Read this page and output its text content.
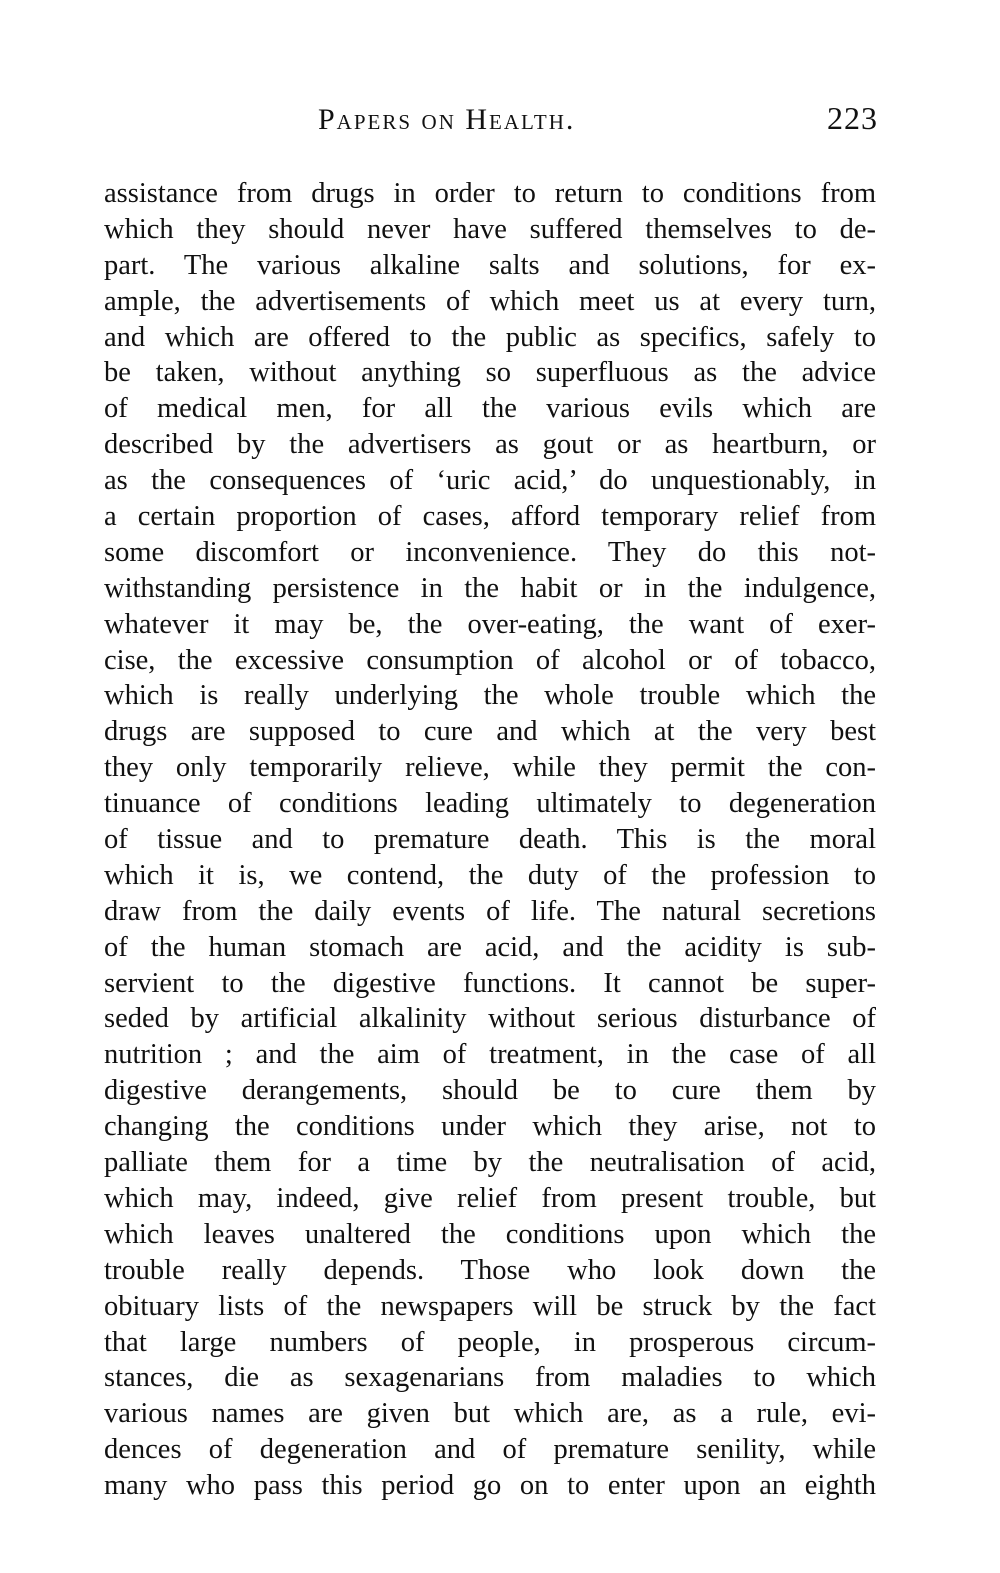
Papers on Health.	223
assistance from drugs in order to return to conditions from
which they should never have suffered themselves to de-
part. The various alkaline salts and solutions, for ex-
ample, the advertisements of which meet us at every turn,
and which are offered to the public as specifics, safely to
be taken, without anything so superfluous as the advice
of medical men, for all the various evils which are
described by the advertisers as gout or as heartburn, or
as the consequences of ‘uric acid,’ do unquestionably, in
a certain proportion of cases, afford temporary relief from
some discomfort or inconvenience. They do this not-
withstanding persistence in the habit or in the indulgence,
whatever it may be, the over-eating, the want of exer-
cise, the excessive consumption of alcohol or of tobacco,
which is really underlying the whole trouble which the
drugs are supposed to cure and which at the very best
they only temporarily relieve, while they permit the con-
tinuance of conditions leading ultimately to degeneration
of tissue and to premature death. This is the moral
which it is, we contend, the duty of the profession to
draw from the daily events of life. The natural secretions
of the human stomach are acid, and the acidity is sub-
servient to the digestive functions. It cannot be super-
seded by artificial alkalinity without serious disturbance of
nutrition ; and the aim of treatment, in the case of all
digestive derangements, should be to cure them by
changing the conditions under which they arise, not to
palliate them for a time by the neutralisation of acid,
which may, indeed, give relief from present trouble, but
which leaves unaltered the conditions upon which the
trouble really depends. Those who look down the
obituary lists of the newspapers will be struck by the fact
that large numbers of people, in prosperous circum-
stances, die as sexagenarians from maladies to which
various names are given but which are, as a rule, evi-
dences of degeneration and of premature senility, while
many who pass this period go on to enter upon an eighth
